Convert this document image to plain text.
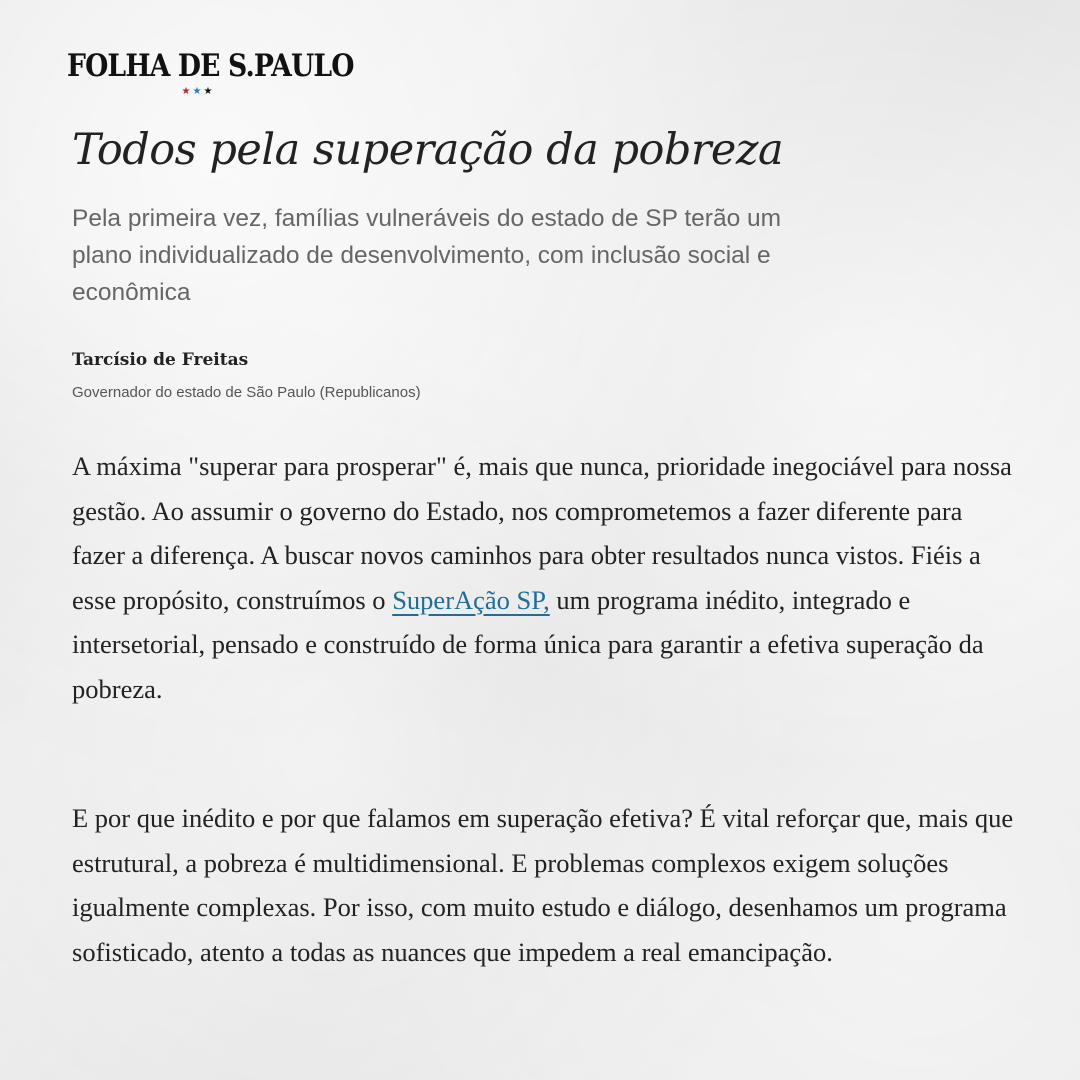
FOLHA DE S.PAULO
★★★
Todos pela superação da pobreza

Pela primeira vez, famílias vulneráveis do estado de SP terão um plano individualizado de desenvolvimento, com inclusão social e econômica

Tarcísio de Freitas
Governador do estado de São Paulo (Republicanos)

A máxima "superar para prosperar" é, mais que nunca, prioridade inegociável para nossa gestão. Ao assumir o governo do Estado, nos comprometemos a fazer diferente para fazer a diferença. A buscar novos caminhos para obter resultados nunca vistos. Fiéis a esse propósito, construímos o SuperAção SP, um programa inédito, integrado e intersetorial, pensado e construído de forma única para garantir a efetiva superação da pobreza.

E por que inédito e por que falamos em superação efetiva? É vital reforçar que, mais que estrutural, a pobreza é multidimensional. E problemas complexos exigem soluções igualmente complexas. Por isso, com muito estudo e diálogo, desenhamos um programa sofisticado, atento a todas as nuances que impedem a real emancipação.
